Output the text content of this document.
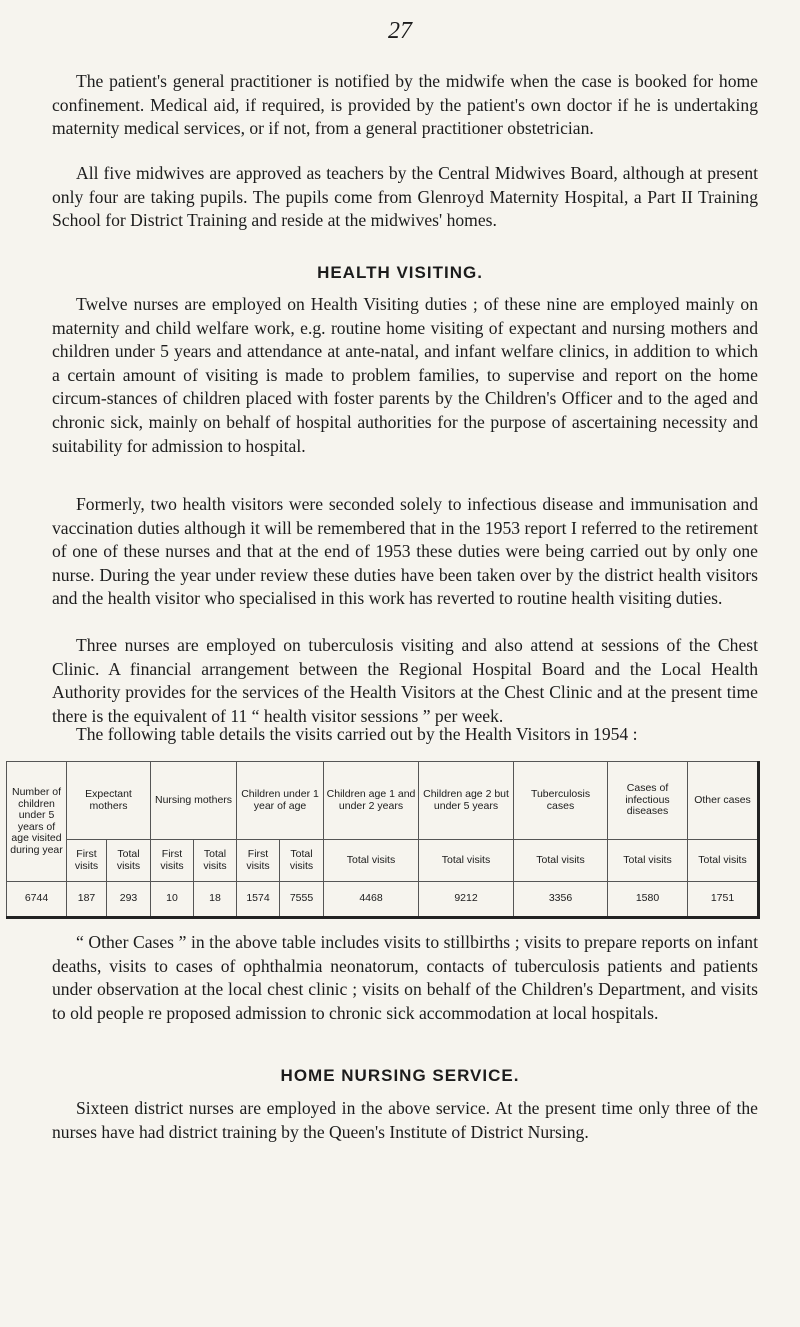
27

The patient's general practitioner is notified by the midwife when the case is booked for home confinement. Medical aid, if required, is provided by the patient's own doctor if he is undertaking maternity medical services, or if not, from a general practitioner obstetrician.

All five midwives are approved as teachers by the Central Midwives Board, although at present only four are taking pupils. The pupils come from Glenroyd Maternity Hospital, a Part II Training School for District Training and reside at the midwives' homes.

HEALTH VISITING.

Twelve nurses are employed on Health Visiting duties ; of these nine are employed mainly on maternity and child welfare work, e.g. routine home visiting of expectant and nursing mothers and children under 5 years and attendance at ante-natal, and infant welfare clinics, in addition to which a certain amount of visiting is made to problem families, to supervise and report on the home circum-stances of children placed with foster parents by the Children's Officer and to the aged and chronic sick, mainly on behalf of hospital authorities for the purpose of ascertaining necessity and suitability for admission to hospital.

Formerly, two health visitors were seconded solely to infectious disease and immunisation and vaccination duties although it will be remembered that in the 1953 report I referred to the retirement of one of these nurses and that at the end of 1953 these duties were being carried out by only one nurse. During the year under review these duties have been taken over by the district health visitors and the health visitor who specialised in this work has reverted to routine health visiting duties.

Three nurses are employed on tuberculosis visiting and also attend at sessions of the Chest Clinic. A financial arrangement between the Regional Hospital Board and the Local Health Authority provides for the services of the Health Visitors at the Chest Clinic and at the present time there is the equivalent of 11 “ health visitor sessions ” per week.

The following table details the visits carried out by the Health Visitors in 1954 :

Number of children under 5 years of age visited during year	Expectant mothers		Nursing mothers		Children under 1 year of age		Children age 1 and under 2 years	Children age 2 but under 5 years	Tuberculosis cases	Cases of infectious diseases	Other cases
	First visits	Total visits	First visits	Total visits	First visits	Total visits	Total visits	Total visits	Total visits	Total visits	Total visits
6744	187	293	10	18	1574	7555	4468	9212	3356	1580	1751

“ Other Cases ” in the above table includes visits to stillbirths ; visits to prepare reports on infant deaths, visits to cases of ophthalmia neonatorum, contacts of tuberculosis patients and patients under observation at the local chest clinic ; visits on behalf of the Children's Department, and visits to old people re proposed admission to chronic sick accommodation at local hospitals.

HOME NURSING SERVICE.

Sixteen district nurses are employed in the above service. At the present time only three of the nurses have had district training by the Queen's Institute of District Nursing.
